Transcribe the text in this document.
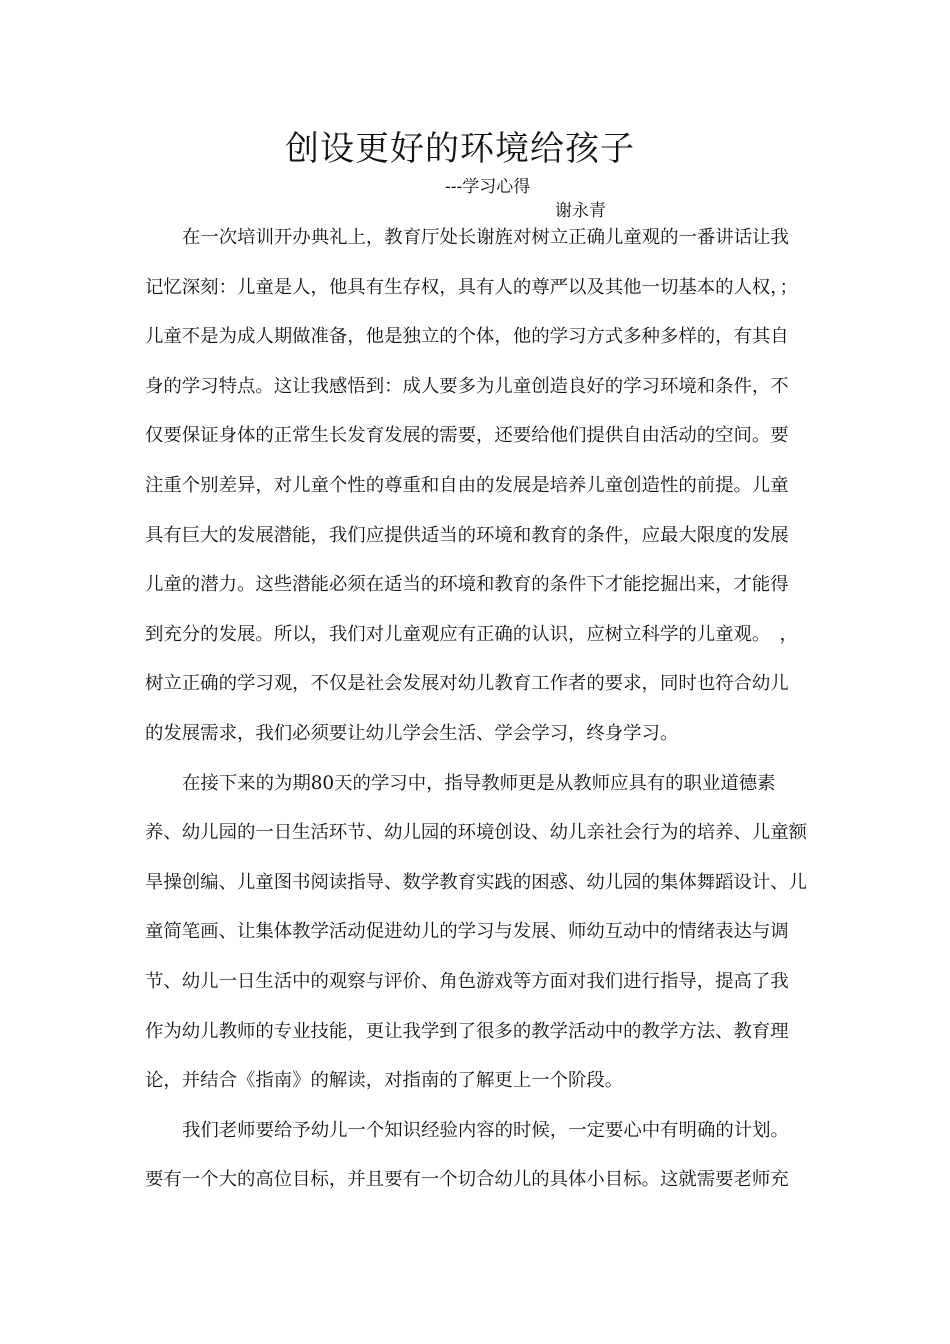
创设更好的环境给孩子
---学习心得
谢永青
在一次培训开办典礼上，教育厅处长谢旌对树立正确儿童观的一番讲话让我
记忆深刻：儿童是人，他具有生存权，具有人的尊严以及其他一切基本的人权，；
儿童不是为成人期做准备，他是独立的个体，他的学习方式多种多样的，有其自
身的学习特点。这让我感悟到：成人要多为儿童创造良好的学习环境和条件，不
仅要保证身体的正常生长发育发展的需要，还要给他们提供自由活动的空间。要
注重个别差异，对儿童个性的尊重和自由的发展是培养儿童创造性的前提。儿童
具有巨大的发展潜能，我们应提供适当的环境和教育的条件，应最大限度的发展
儿童的潜力。这些潜能必须在适当的环境和教育的条件下才能挖掘出来，才能得
到充分的发展。所以，我们对儿童观应有正确的认识，应树立科学的儿童观。　，
树立正确的学习观，不仅是社会发展对幼儿教育工作者的要求，同时也符合幼儿
的发展需求，我们必须要让幼儿学会生活、学会学习，终身学习。
在接下来的为期80天的学习中，指导教师更是从教师应具有的职业道德素
养、幼儿园的一日生活环节、幼儿园的环境创设、幼儿亲社会行为的培养、儿童额
旱操创编、儿童图书阅读指导、数学教育实践的困惑、幼儿园的集体舞蹈设计、儿
童简笔画、让集体教学活动促进幼儿的学习与发展、师幼互动中的情绪表达与调
节、幼儿一日生活中的观察与评价、角色游戏等方面对我们进行指导，提高了我
作为幼儿教师的专业技能，更让我学到了很多的教学活动中的教学方法、教育理
论，并结合《指南》的解读，对指南的了解更上一个阶段。
我们老师要给予幼儿一个知识经验内容的时候，一定要心中有明确的计划。
要有一个大的高位目标，并且要有一个切合幼儿的具体小目标。这就需要老师充
